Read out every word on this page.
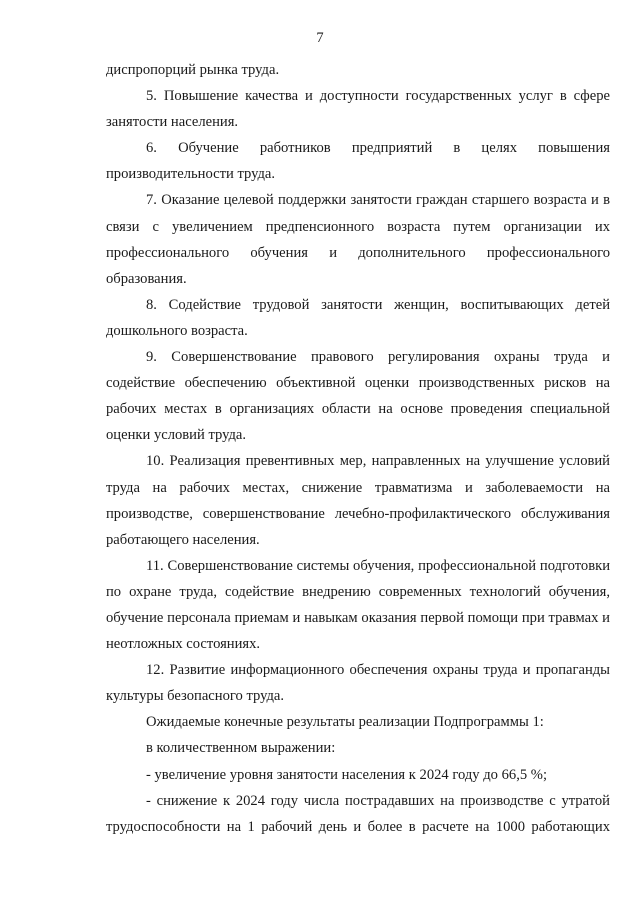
7

диспропорций рынка труда.

5. Повышение качества и доступности государственных услуг в сфере занятости населения.

6. Обучение работников предприятий в целях повышения производительности труда.

7. Оказание целевой поддержки занятости граждан старшего возраста и в связи с увеличением предпенсионного возраста путем организации их профессионального обучения и дополнительного профессионального образования.

8. Содействие трудовой занятости женщин, воспитывающих детей дошкольного возраста.

9. Совершенствование правового регулирования охраны труда и содействие обеспечению объективной оценки производственных рисков на рабочих местах в организациях области на основе проведения специальной оценки условий труда.

10. Реализация превентивных мер, направленных на улучшение условий труда на рабочих местах, снижение травматизма и заболеваемости на производстве, совершенствование лечебно-профилактического обслуживания работающего населения.

11. Совершенствование системы обучения, профессиональной подготовки по охране труда, содействие внедрению современных технологий обучения, обучение персонала приемам и навыкам оказания первой помощи при травмах и неотложных состояниях.

12. Развитие информационного обеспечения охраны труда и пропаганды культуры безопасного труда.

Ожидаемые конечные результаты реализации Подпрограммы 1:

в количественном выражении:

- увеличение уровня занятости населения к 2024 году до 66,5 %;

- снижение к 2024 году числа пострадавших на производстве с утратой трудоспособности на 1 рабочий день и более в расчете на 1000 работающих
